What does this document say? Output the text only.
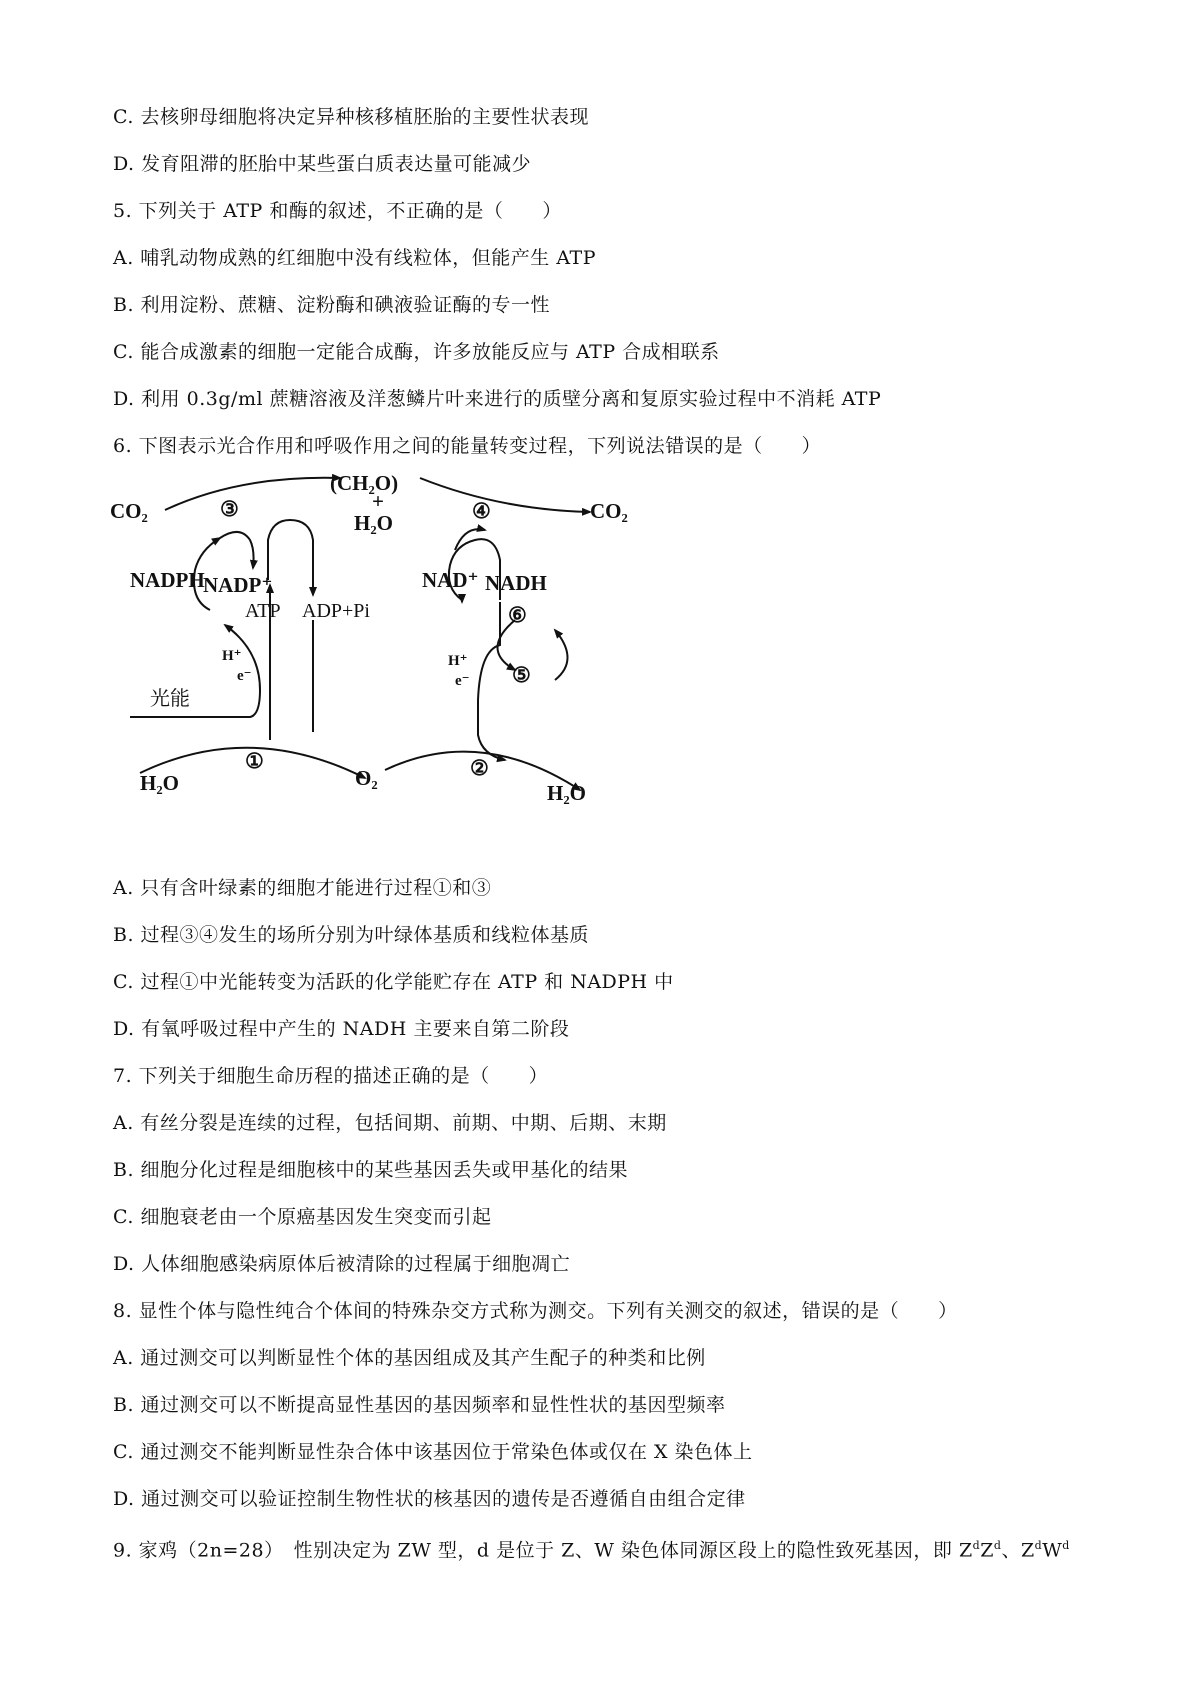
C. 去核卵母细胞将决定异种核移植胚胎的主要性状表现
D. 发育阻滞的胚胎中某些蛋白质表达量可能减少
5. 下列关于 ATP 和酶的叙述，不正确的是（　　）
A. 哺乳动物成熟的红细胞中没有线粒体，但能产生 ATP
B. 利用淀粉、蔗糖、淀粉酶和碘液验证酶的专一性
C. 能合成激素的细胞一定能合成酶，许多放能反应与 ATP 合成相联系
D. 利用 0.3g/ml 蔗糖溶液及洋葱鳞片叶来进行的质壁分离和复原实验过程中不消耗 ATP
6. 下图表示光合作用和呼吸作用之间的能量转变过程，下列说法错误的是（　　）
CO₂	CO₂
(CH₂O)
+
H₂O
③	④
NADPH
NADP⁺
ATP ADP+Pi
NAD⁺ NADH
H⁺
e⁻
H⁺
e⁻
⑥
⑤
光能
H₂O
①
O₂	②
H₂O
A. 只有含叶绿素的细胞才能进行过程①和③
B. 过程③④发生的场所分别为叶绿体基质和线粒体基质
C. 过程①中光能转变为活跃的化学能贮存在 ATP 和 NADPH 中
D. 有氧呼吸过程中产生的 NADH 主要来自第二阶段
7. 下列关于细胞生命历程的描述正确的是（　　）
A. 有丝分裂是连续的过程，包括间期、前期、中期、后期、末期
B. 细胞分化过程是细胞核中的某些基因丢失或甲基化的结果
C. 细胞衰老由一个原癌基因发生突变而引起
D. 人体细胞感染病原体后被清除的过程属于细胞凋亡
8. 显性个体与隐性纯合个体间的特殊杂交方式称为测交。下列有关测交的叙述，错误的是（　　）
A. 通过测交可以判断显性个体的基因组成及其产生配子的种类和比例
B. 通过测交可以不断提高显性基因的基因频率和显性性状的基因型频率
C. 通过测交不能判断显性杂合体中该基因位于常染色体或仅在 X 染色体上
D. 通过测交可以验证控制生物性状的核基因的遗传是否遵循自由组合定律
9. 家鸡（2n=28）　性别决定为 ZW 型，d 是位于 Z、W 染色体同源区段上的隐性致死基因，即 $Z^dZ^d$、$Z^dW^d$
